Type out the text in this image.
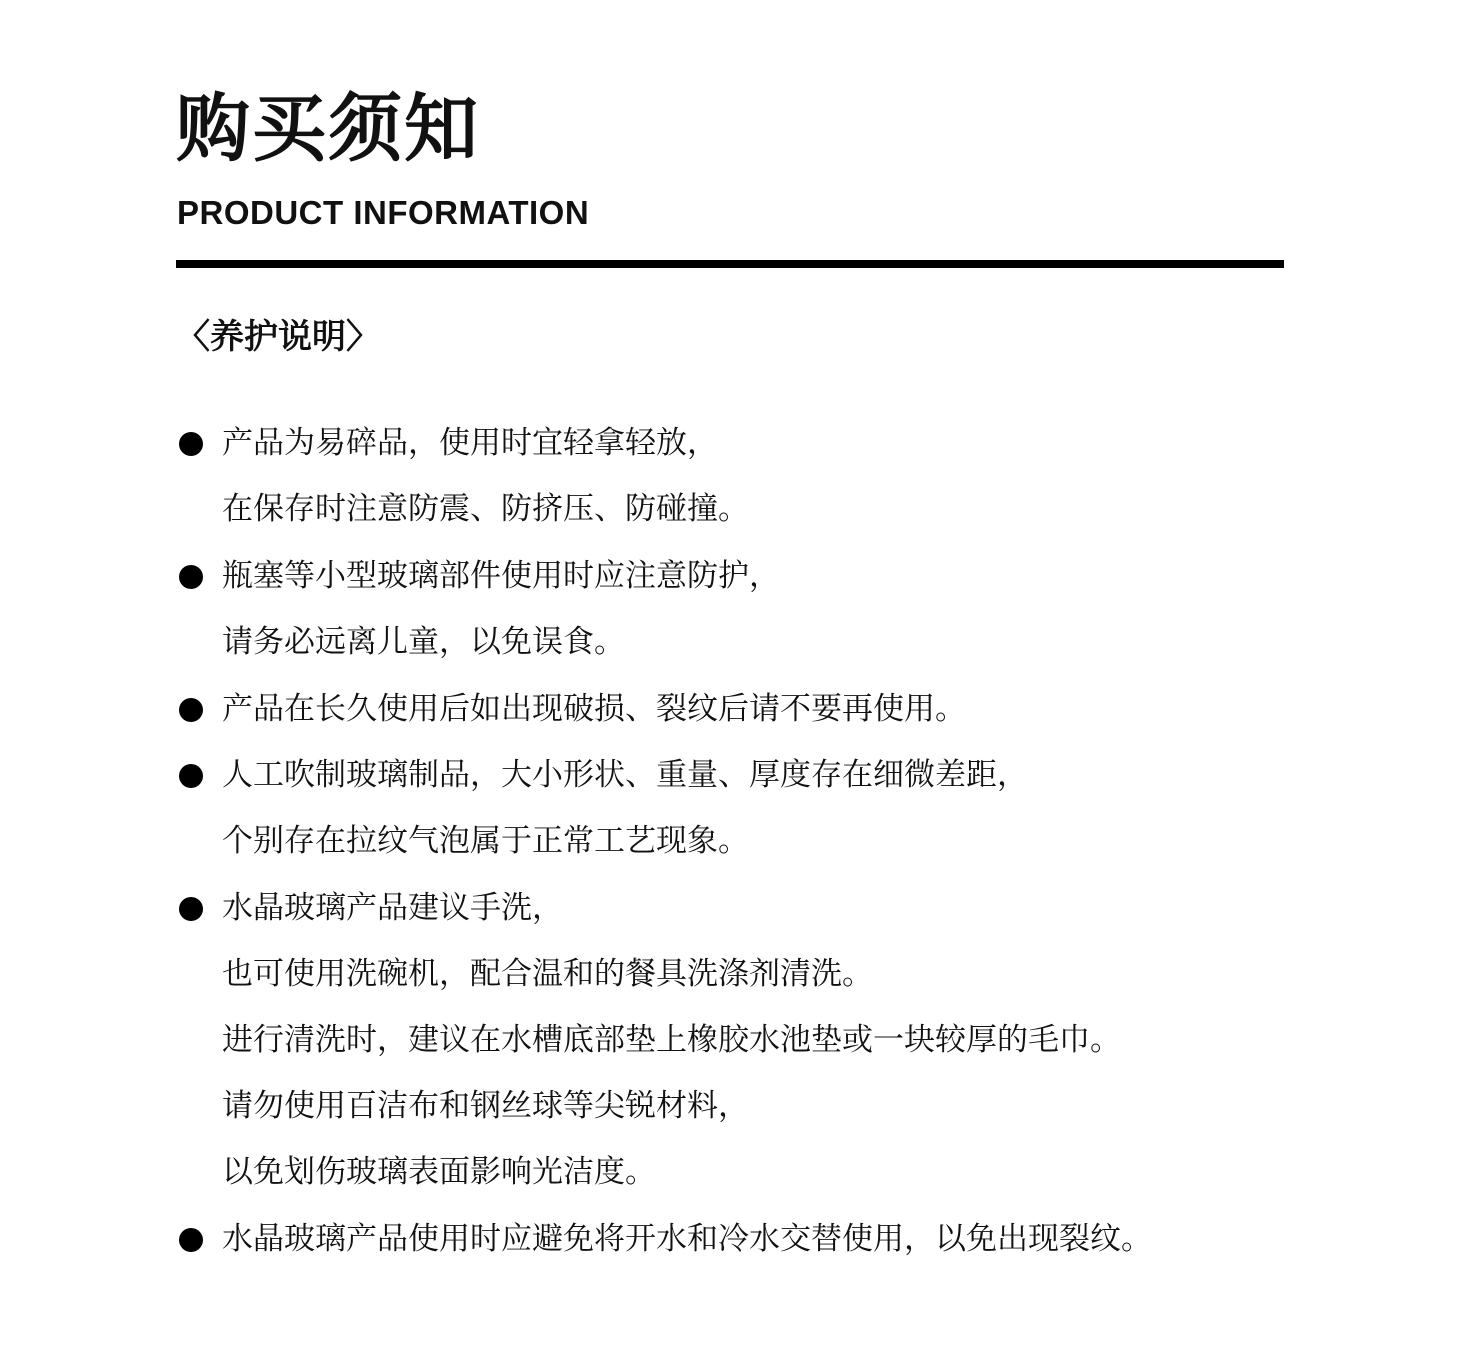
购买须知
PRODUCT INFORMATION
〈养护说明〉
产品为易碎品，使用时宜轻拿轻放，
在保存时注意防震、防挤压、防碰撞。
瓶塞等小型玻璃部件使用时应注意防护，
请务必远离儿童，以免误食。
产品在长久使用后如出现破损、裂纹后请不要再使用。
人工吹制玻璃制品，大小形状、重量、厚度存在细微差距，
个别存在拉纹气泡属于正常工艺现象。
水晶玻璃产品建议手洗，
也可使用洗碗机，配合温和的餐具洗涤剂清洗。
进行清洗时，建议在水槽底部垫上橡胶水池垫或一块较厚的毛巾。
请勿使用百洁布和钢丝球等尖锐材料，
以免划伤玻璃表面影响光洁度。
水晶玻璃产品使用时应避免将开水和冷水交替使用，以免出现裂纹。
